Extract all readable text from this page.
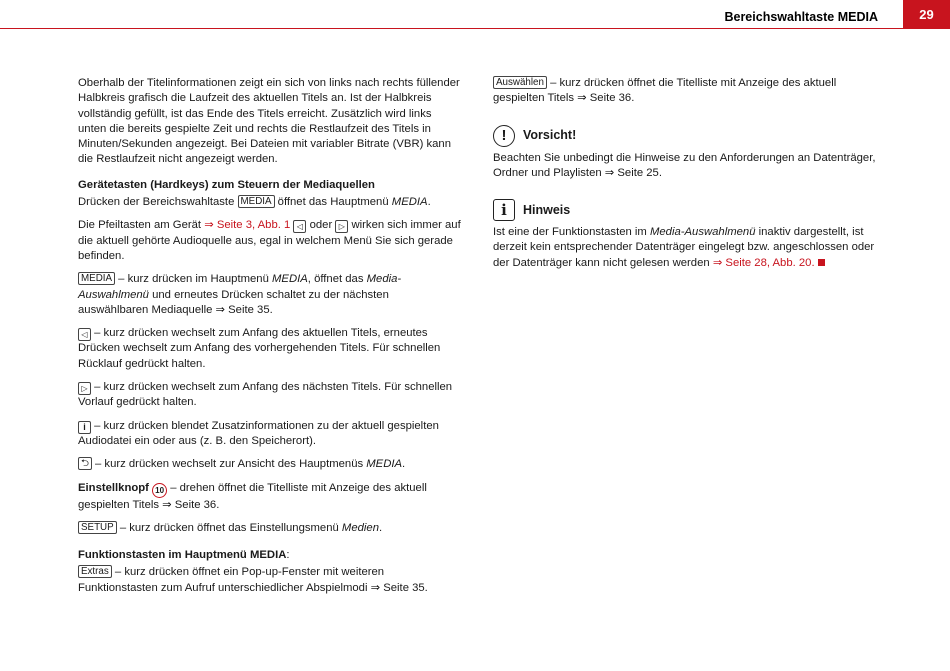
Bereichswahltaste MEDIA	29

Oberhalb der Titelinformationen zeigt ein sich von links nach rechts füllender Halbkreis grafisch die Laufzeit des aktuellen Titels an. Ist der Halbkreis vollständig gefüllt, ist das Ende des Titels erreicht. Zusätzlich wird links unten die bereits gespielte Zeit und rechts die Restlaufzeit des Titels in Minuten/Sekunden angezeigt. Bei Dateien mit variabler Bitrate (VBR) kann die Restlaufzeit nicht angezeigt werden.

Gerätetasten (Hardkeys) zum Steuern der Mediaquellen

Drücken der Bereichswahltaste MEDIA öffnet das Hauptmenü MEDIA.

Die Pfeiltasten am Gerät ⇒ Seite 3, Abb. 1 ◁ oder ▷ wirken sich immer auf die aktuell gehörte Audioquelle aus, egal in welchem Menü Sie sich gerade befinden.

MEDIA – kurz drücken im Hauptmenü MEDIA, öffnet das Media-Auswahlmenü und erneutes Drücken schaltet zu der nächsten auswählbaren Mediaquelle ⇒ Seite 35.

◁ – kurz drücken wechselt zum Anfang des aktuellen Titels, erneutes Drücken wechselt zum Anfang des vorhergehenden Titels. Für schnellen Rücklauf gedrückt halten.

▷ – kurz drücken wechselt zum Anfang des nächsten Titels. Für schnellen Vorlauf gedrückt halten.

i – kurz drücken blendet Zusatzinformationen zu der aktuell gespielten Audiodatei ein oder aus (z. B. den Speicherort).

⮌ – kurz drücken wechselt zur Ansicht des Hauptmenüs MEDIA.

Einstellknopf 10 – drehen öffnet die Titelliste mit Anzeige des aktuell gespielten Titels ⇒ Seite 36.

SETUP – kurz drücken öffnet das Einstellungsmenü Medien.

Funktionstasten im Hauptmenü MEDIA:

Extras – kurz drücken öffnet ein Pop-up-Fenster mit weiteren Funktionstasten zum Aufruf unterschiedlicher Abspielmodi ⇒ Seite 35.

Auswählen – kurz drücken öffnet die Titelliste mit Anzeige des aktuell gespielten Titels ⇒ Seite 36.

!	Vorsicht!

Beachten Sie unbedingt die Hinweise zu den Anforderungen an Datenträger, Ordner und Playlisten ⇒ Seite 25.

i	Hinweis

Ist eine der Funktionstasten im Media-Auswahlmenü inaktiv dargestellt, ist derzeit kein entsprechender Datenträger eingelegt bzw. angeschlossen oder der Datenträger kann nicht gelesen werden ⇒ Seite 28, Abb. 20.
